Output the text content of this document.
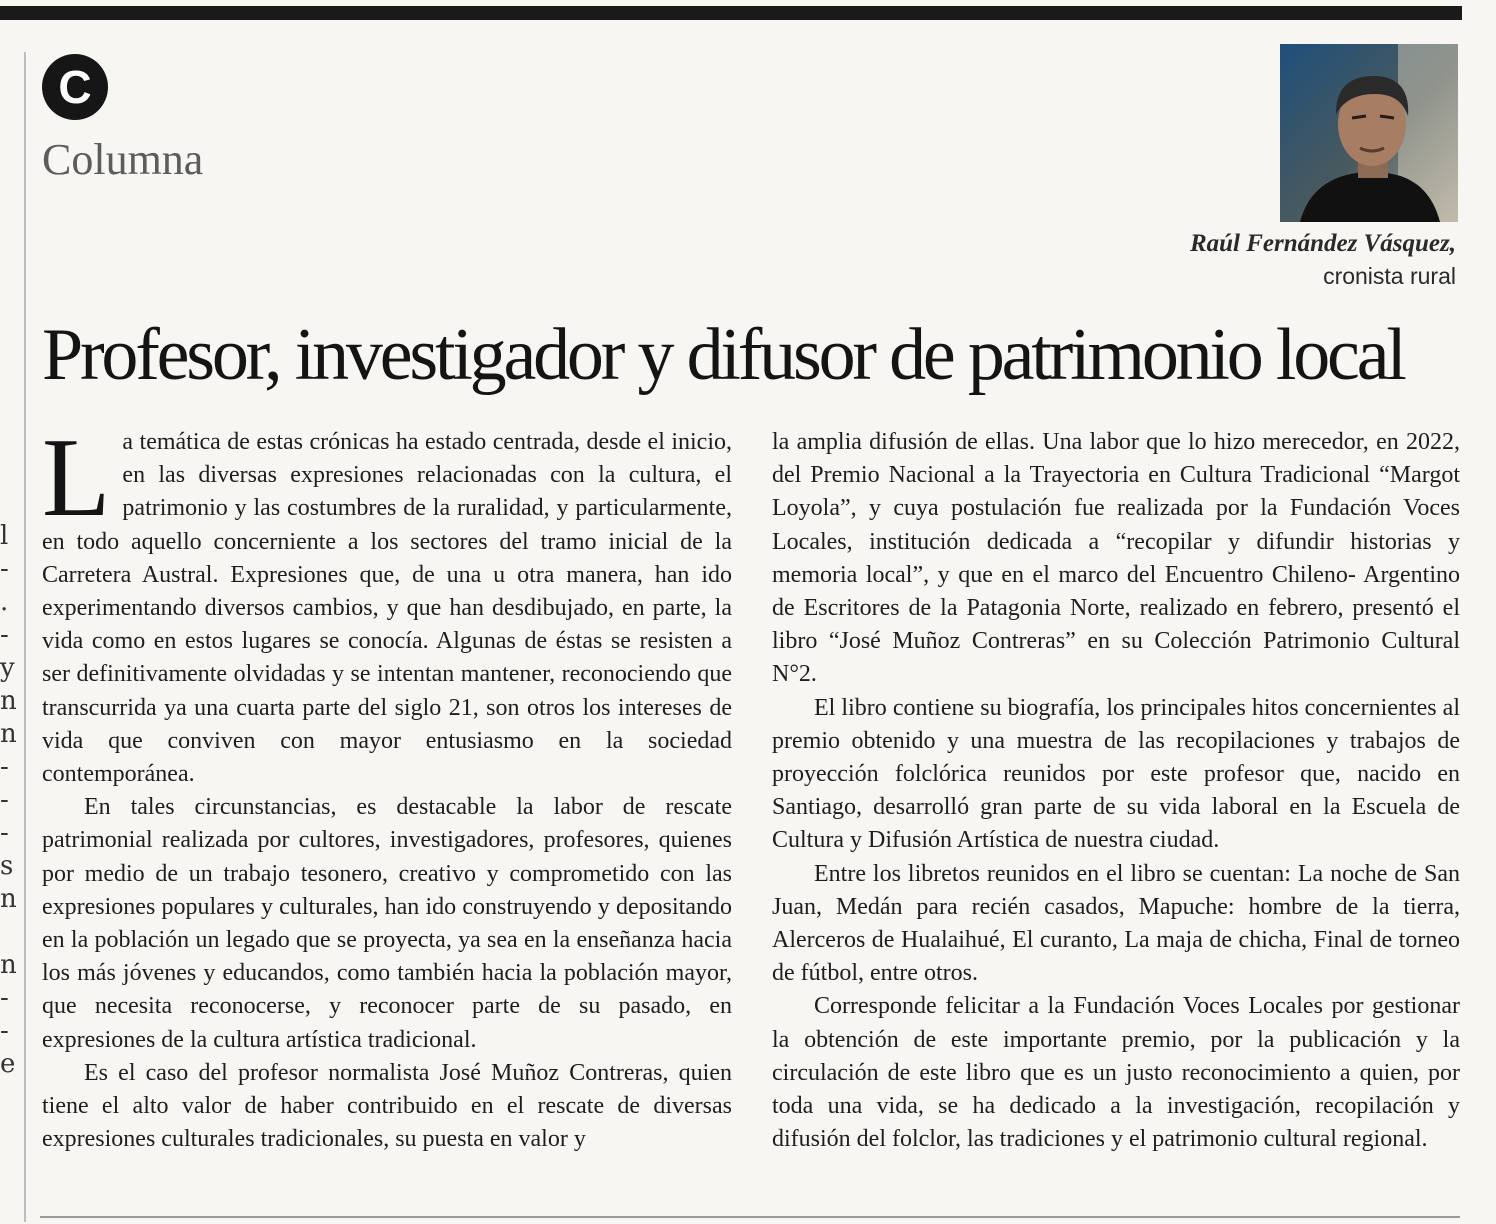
l
-
.
-
y
n
n
-
-
-
s
n
n
-
-
e
C
Columna
Raúl Fernández Vásquez,
cronista rural
Profesor, investigador y difusor de patrimonio local

La temática de estas crónicas ha estado centrada, desde el inicio, en las diversas expresiones relacionadas con la cultura, el patrimonio y las costumbres de la ruralidad, y particularmente, en todo aquello concerniente a los sectores del tramo inicial de la Carretera Austral. Expresiones que, de una u otra manera, han ido experimentando diversos cambios, y que han desdibujado, en parte, la vida como en estos lugares se conocía. Algunas de éstas se resisten a ser definitivamente olvidadas y se intentan mantener, reconociendo que transcurrida ya una cuarta parte del siglo 21, son otros los intereses de vida que conviven con mayor entusiasmo en la sociedad contemporánea.

En tales circunstancias, es destacable la labor de rescate patrimonial realizada por cultores, investigadores, profesores, quienes por medio de un trabajo tesonero, creativo y comprometido con las expresiones populares y culturales, han ido construyendo y depositando en la población un legado que se proyecta, ya sea en la enseñanza hacia los más jóvenes y educandos, como también hacia la población mayor, que necesita reconocerse, y reconocer parte de su pasado, en expresiones de la cultura artística tradicional.

Es el caso del profesor normalista José Muñoz Contreras, quien tiene el alto valor de haber contribuido en el rescate de diversas expresiones culturales tradicionales, su puesta en valor y

la amplia difusión de ellas. Una labor que lo hizo merecedor, en 2022, del Premio Nacional a la Trayectoria en Cultura Tradicional “Margot Loyola”, y cuya postulación fue realizada por la Fundación Voces Locales, institución dedicada a “recopilar y difundir historias y memoria local”, y que en el marco del Encuentro Chileno- Argentino de Escritores de la Patagonia Norte, realizado en febrero, presentó el libro “José Muñoz Contreras” en su Colección Patrimonio Cultural N°2.

El libro contiene su biografía, los principales hitos concernientes al premio obtenido y una muestra de las recopilaciones y trabajos de proyección folclórica reunidos por este profesor que, nacido en Santiago, desarrolló gran parte de su vida laboral en la Escuela de Cultura y Difusión Artística de nuestra ciudad.

Entre los libretos reunidos en el libro se cuentan: La noche de San Juan, Medán para recién casados, Mapuche: hombre de la tierra, Alerceros de Hualaihué, El curanto, La maja de chicha, Final de torneo de fútbol, entre otros.

Corresponde felicitar a la Fundación Voces Locales por gestionar la obtención de este importante premio, por la publicación y la circulación de este libro que es un justo reconocimiento a quien, por toda una vida, se ha dedicado a la investigación, recopilación y difusión del folclor, las tradiciones y el patrimonio cultural regional.
